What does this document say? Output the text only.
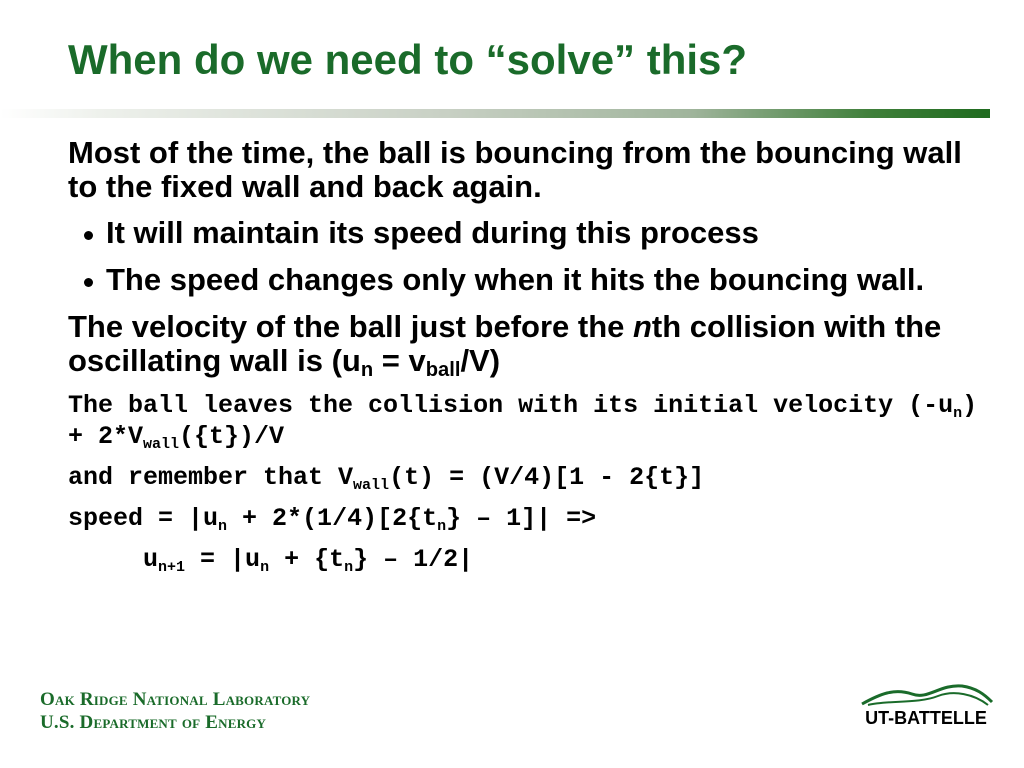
When do we need to “solve” this?

Most of the time, the ball is bouncing from the bouncing wall to the fixed wall and back again.

It will maintain its speed during this process
The speed changes only when it hits the bouncing wall.

The velocity of the ball just before the nth collision with the oscillating wall is $(u_n = v_{ball}/V)$

The ball leaves the collision with its initial velocity $(-u_n) + 2*V_{wall}(\{t\})/V$
and remember that $V_{wall}(t) = (V/4)[1 - 2\{t\}]$
speed = $|u_n + 2*(1/4)[2\{t_n\} - 1]|$ =>
$u_{n+1} = |u_n + \{t_n\} - 1/2|$
Oak Ridge National Laboratory
U.S. Department of Energy	UT-BATTELLE
